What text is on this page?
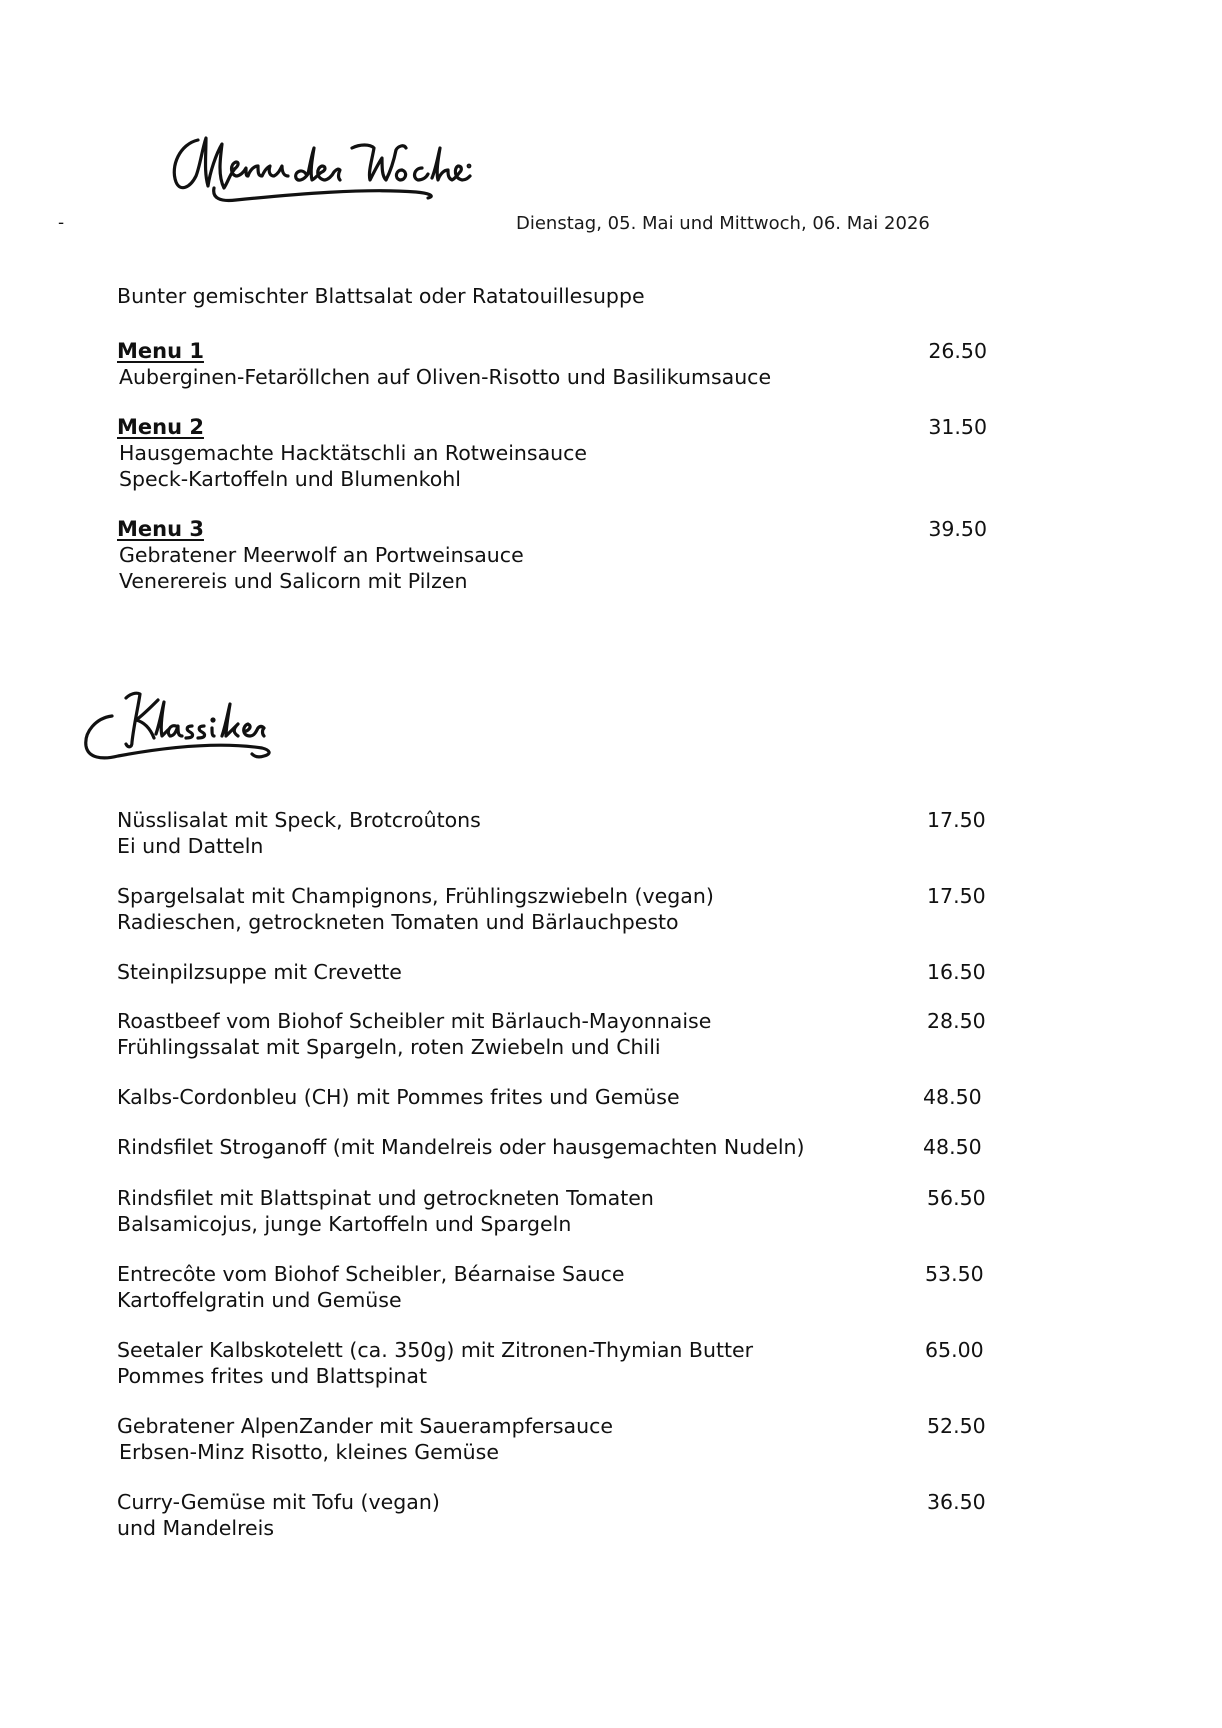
-	Dienstag, 05. Mai und Mittwoch, 06. Mai 2026
Bunter gemischter Blattsalat oder Ratatouillesuppe
Menu 1	26.50
Auberginen-Fetaröllchen auf Oliven-Risotto und Basilikumsauce
Menu 2	31.50
Hausgemachte Hacktätschli an Rotweinsauce
Speck-Kartoffeln und Blumenkohl
Menu 3	39.50
Gebratener Meerwolf an Portweinsauce
Venerereis und Salicorn mit Pilzen
Nüsslisalat mit Speck, Brotcroûtons	17.50
Ei und Datteln
Spargelsalat mit Champignons, Frühlingszwiebeln (vegan)	17.50
Radieschen, getrockneten Tomaten und Bärlauchpesto
Steinpilzsuppe mit Crevette	16.50
Roastbeef vom Biohof Scheibler mit Bärlauch-Mayonnaise	28.50
Frühlingssalat mit Spargeln, roten Zwiebeln und Chili
Kalbs-Cordonbleu (CH) mit Pommes frites und Gemüse	48.50
Rindsfilet Stroganoff (mit Mandelreis oder hausgemachten Nudeln)	48.50
Rindsfilet mit Blattspinat und getrockneten Tomaten	56.50
Balsamicojus, junge Kartoffeln und Spargeln
Entrecôte vom Biohof Scheibler, Béarnaise Sauce	53.50
Kartoffelgratin und Gemüse
Seetaler Kalbskotelett (ca. 350g) mit Zitronen-Thymian Butter	65.00
Pommes frites und Blattspinat
Gebratener AlpenZander mit Sauerampfersauce	52.50
Erbsen-Minz Risotto, kleines Gemüse
Curry-Gemüse mit Tofu (vegan)	36.50
und Mandelreis
